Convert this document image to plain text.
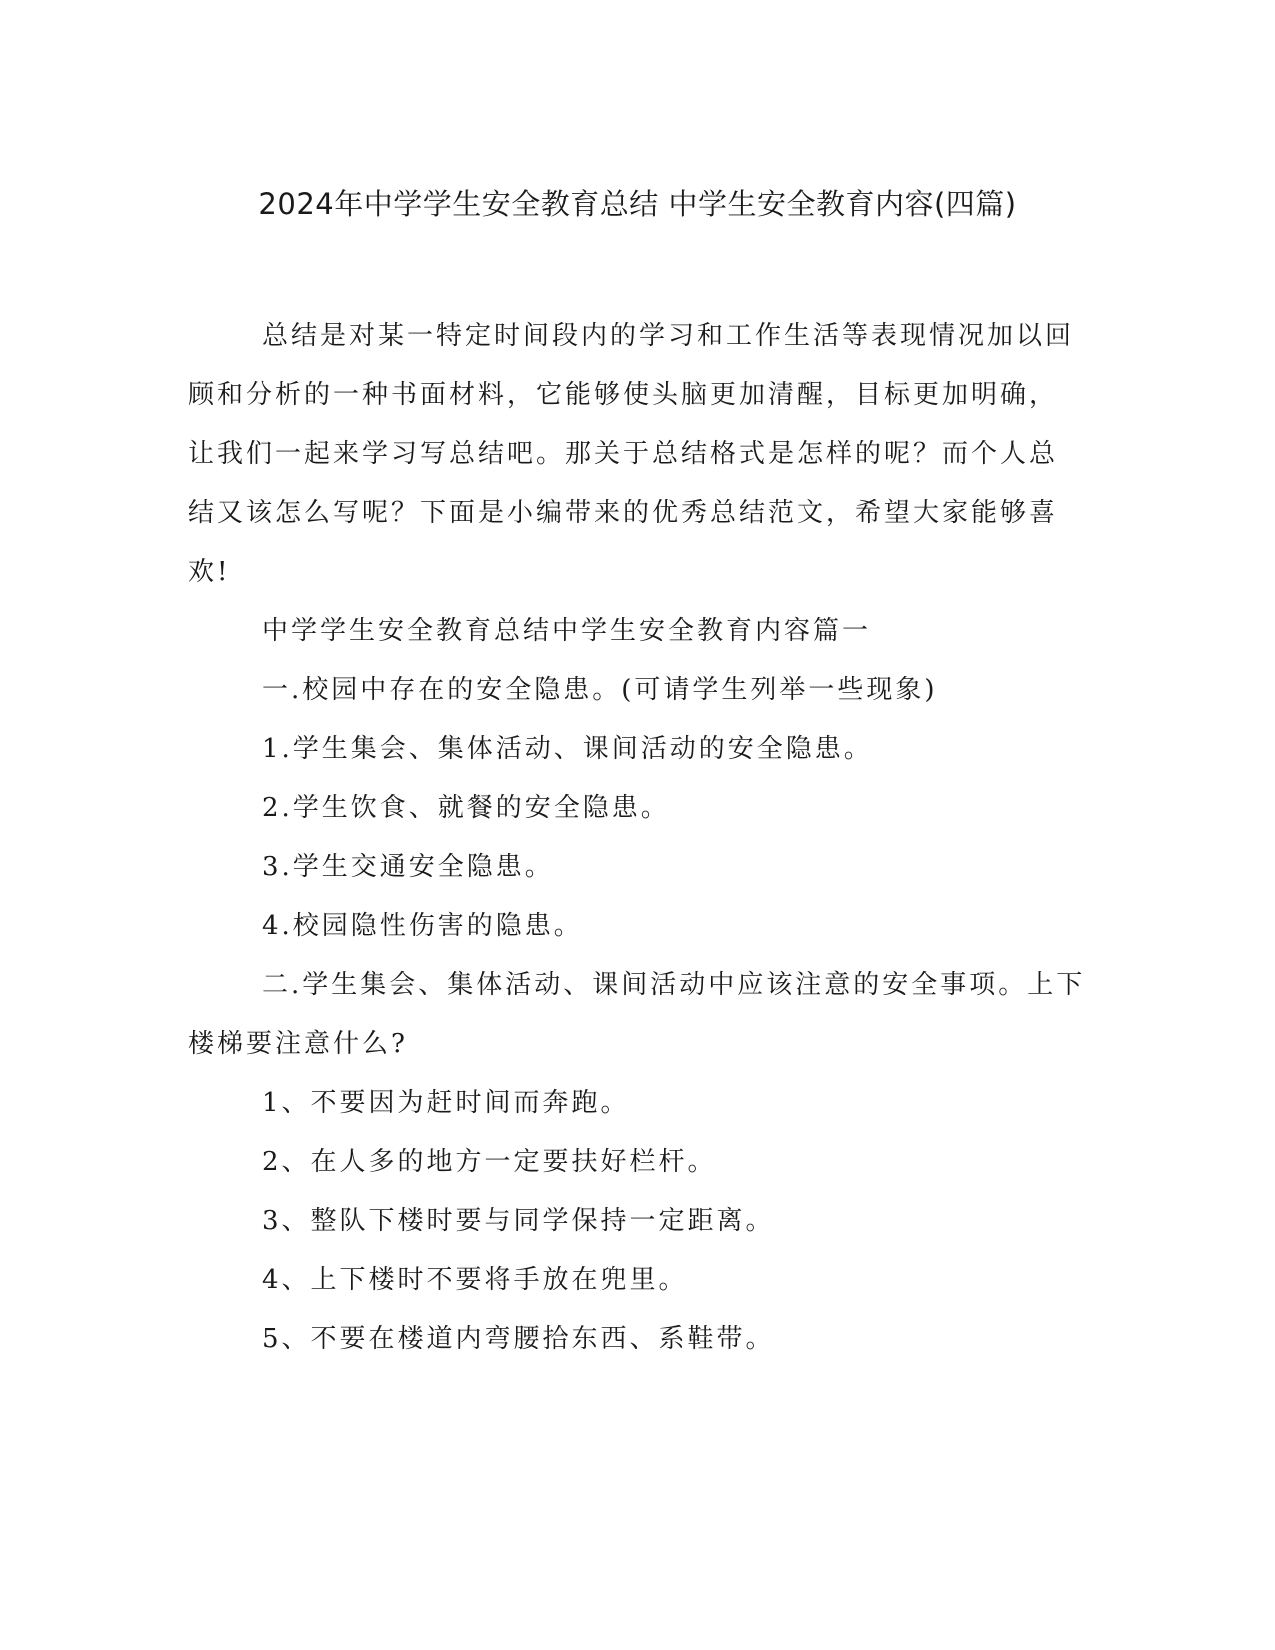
2024年中学学生安全教育总结 中学生安全教育内容(四篇)
总结是对某一特定时间段内的学习和工作生活等表现情况加以回
顾和分析的一种书面材料，它能够使头脑更加清醒，目标更加明确，
让我们一起来学习写总结吧。那关于总结格式是怎样的呢？而个人总
结又该怎么写呢？下面是小编带来的优秀总结范文，希望大家能够喜
欢!
中学学生安全教育总结中学生安全教育内容篇一
一.校园中存在的安全隐患。(可请学生列举一些现象)
1.学生集会、集体活动、课间活动的安全隐患。
2.学生饮食、就餐的安全隐患。
3.学生交通安全隐患。
4.校园隐性伤害的隐患。
二.学生集会、集体活动、课间活动中应该注意的安全事项。上下
楼梯要注意什么?
1、不要因为赶时间而奔跑。
2、在人多的地方一定要扶好栏杆。
3、整队下楼时要与同学保持一定距离。
4、上下楼时不要将手放在兜里。
5、不要在楼道内弯腰拾东西、系鞋带。
